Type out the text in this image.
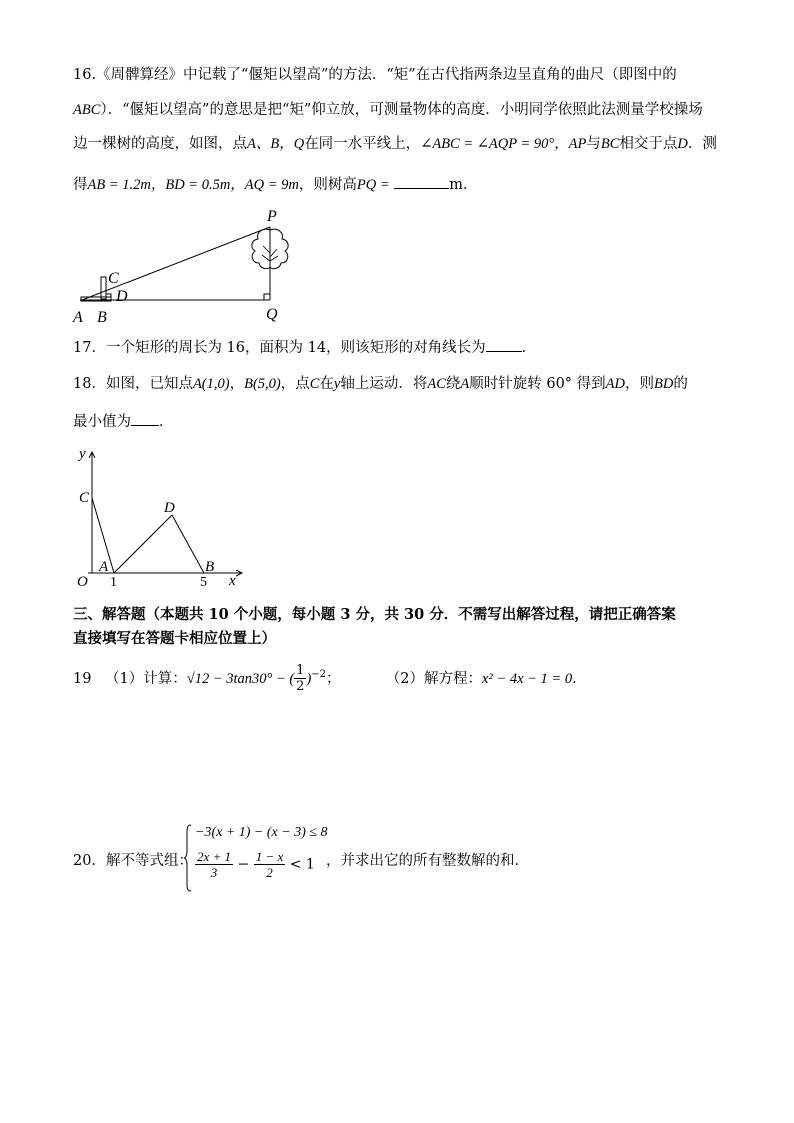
16.《周髀算经》中记载了“偃矩以望高”的方法．“矩”在古代指两条边呈直角的曲尺（即图中的
ABC）．“偃矩以望高”的意思是把“矩”仰立放，可测量物体的高度．小明同学依照此法测量学校操场
边一棵树的高度，如图，点A、B，Q在同一水平线上，∠ABC = ∠AQP = 90°，AP与BC相交于点D．测
得AB = 1.2m，BD = 0.5m，AQ = 9m，则树高PQ =	m．
P
C
D
A B	Q
17．一个矩形的周长为 16，面积为 14，则该矩形的对角线长为 ．
18．如图，已知点A(1,0)，B(5,0)，点C在y轴上运动．将AC绕A顺时针旋转 60° 得到AD，则BD的
最小值为 ．
y
x
C
D
A	B
O 1	5
三、解答题（本题共 10 个小题，每小题 3 分，共 30 分．不需写出解答过程，请把正确答案
直接填写在答题卡相应位置上）
19 （1）计算：√12 − 3tan30° − ( $\frac{1}{2} )^{-2}$；	（2）解方程：x² − 4x − 1 = 0．
20．解不等式组：
−3(x + 1) − (x − 3) ≤ 8
$\frac{2x + 1}{3} - \frac{1 - x}{2} < 1$ ，并求出它的所有整数解的和．
